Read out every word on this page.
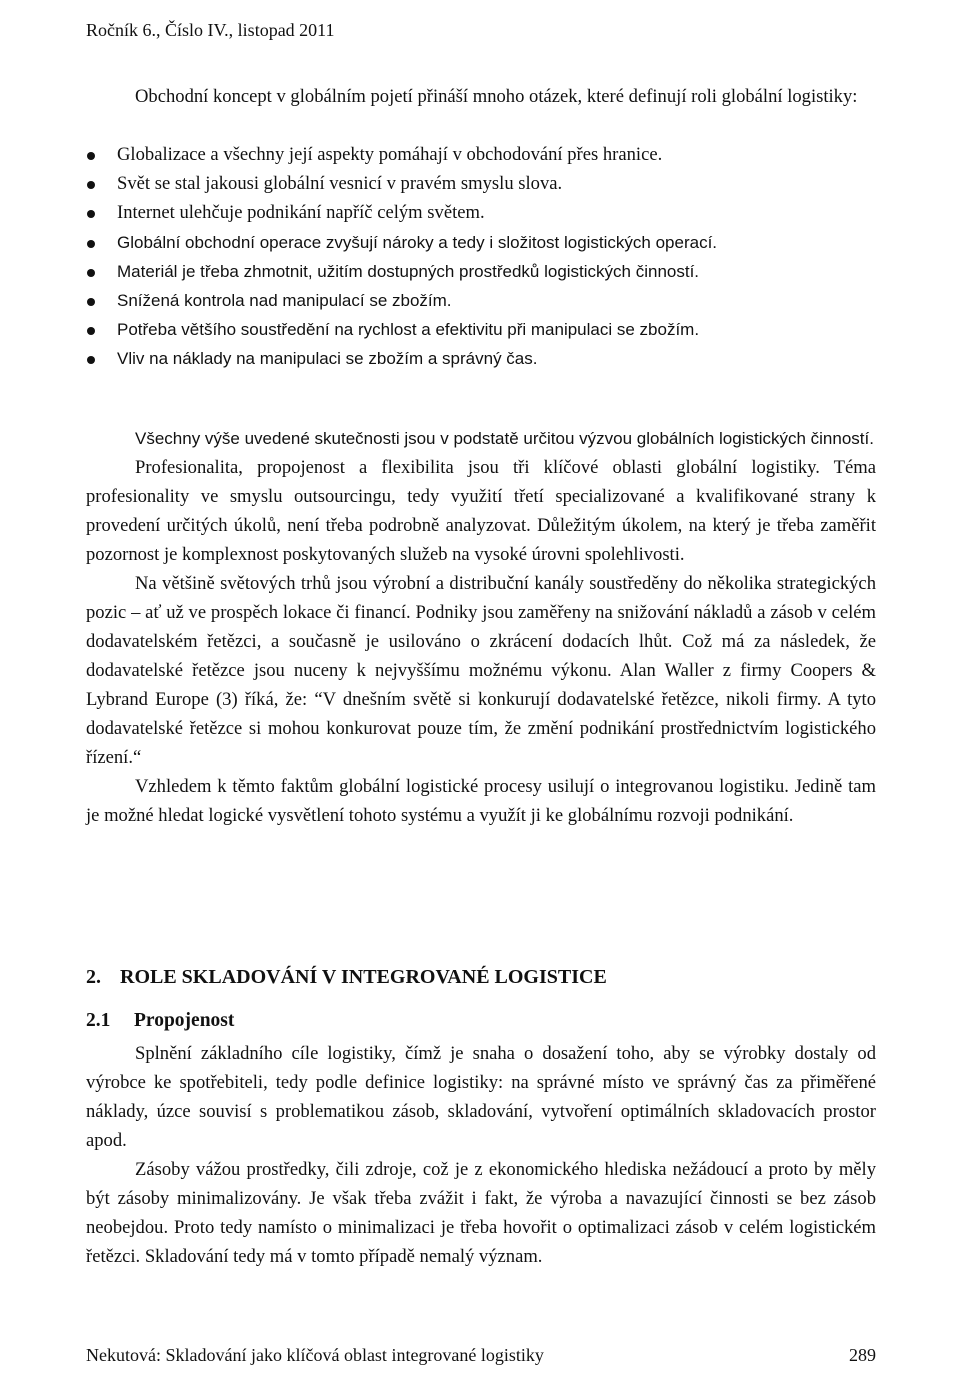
Ročník 6., Číslo IV., listopad 2011

Obchodní koncept v globálním pojetí přináší mnoho otázek, které definují roli globální logistiky:

Globalizace a všechny její aspekty pomáhají v obchodování přes hranice.
Svět se stal jakousi globální vesnicí v pravém smyslu slova.
Internet ulehčuje podnikání napříč celým světem.
Globální obchodní operace zvyšují nároky a tedy i složitost logistických operací.
Materiál je třeba zhmotnit, užitím dostupných prostředků logistických činností.
Snížená kontrola nad manipulací se zbožím.
Potřeba většího soustředění na rychlost a efektivitu při manipulaci se zbožím.
Vliv na náklady na manipulaci se zbožím a správný čas.

Všechny výše uvedené skutečnosti jsou v podstatě určitou výzvou globálních logistických činností.

Profesionalita, propojenost a flexibilita jsou tři klíčové oblasti globální logistiky. Téma profesionality ve smyslu outsourcingu, tedy využití třetí specializované a kvalifikované strany k provedení určitých úkolů, není třeba podrobně analyzovat. Důležitým úkolem, na který je třeba zaměřit pozornost je komplexnost poskytovaných služeb na vysoké úrovni spolehlivosti.

Na většině světových trhů jsou výrobní a distribuční kanály soustředěny do několika strategických pozic – ať už ve prospěch lokace či financí. Podniky jsou zaměřeny na snižování nákladů a zásob v celém dodavatelském řetězci, a současně je usilováno o zkrácení dodacích lhůt. Což má za následek, že dodavatelské řetězce jsou nuceny k nejvyššímu možnému výkonu. Alan Waller z firmy Coopers & Lybrand Europe (3) říká, že: “V dnešním světě si konkurují dodavatelské řetězce, nikoli firmy. A tyto dodavatelské řetězce si mohou konkurovat pouze tím, že změní podnikání prostřednictvím logistického řízení.“

Vzhledem k těmto faktům globální logistické procesy usilují o integrovanou logistiku. Jedině tam je možné hledat logické vysvětlení tohoto systému a využít ji ke globálnímu rozvoji podnikání.

2. ROLE SKLADOVÁNÍ V INTEGROVANÉ LOGISTICE
2.1 Propojenost

Splnění základního cíle logistiky, čímž je snaha o dosažení toho, aby se výrobky dostaly od výrobce ke spotřebiteli, tedy podle definice logistiky: na správné místo ve správný čas za přiměřené náklady, úzce souvisí s problematikou zásob, skladování, vytvoření optimálních skladovacích prostor apod.

Zásoby vážou prostředky, čili zdroje, což je z ekonomického hlediska nežádoucí a proto by měly být zásoby minimalizovány. Je však třeba zvážit i fakt, že výroba a navazující činnosti se bez zásob neobejdou. Proto tedy namísto o minimalizaci je třeba hovořit o optimalizaci zásob v celém logistickém řetězci. Skladování tedy má v tomto případě nemalý význam.

Nekutová: Skladování jako klíčová oblast integrované logistiky	289
